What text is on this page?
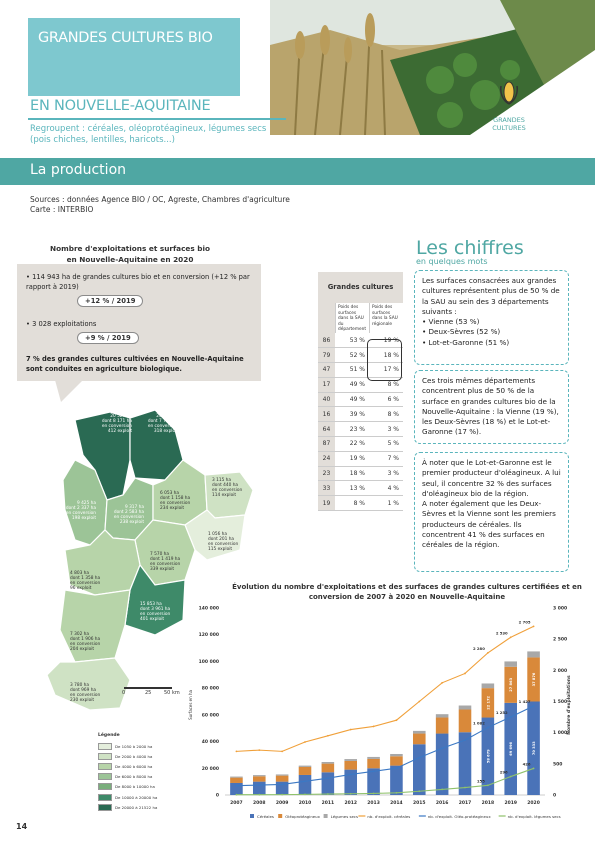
GRANDES CULTURES BIO
GRANDES
CULTURES
EN NOUVELLE-AQUITAINE
Regroupent : céréales, oléoprotéagineux, légumes secs (pois chiches, lentilles, haricots...)
La production
Sources : données Agence BIO / OC, Agreste, Chambres d'agriculture
Carte : INTERBIO
Nombre d'exploitations et surfaces bio
en Nouvelle-Aquitaine en 2020
• 114 943 ha de grandes cultures bio et en conversion (+12 % par rapport à 2019)
+12 % / 2019
• 3 028 exploitations
+9 % / 2019
7 % des grandes cultures cultivées en Nouvelle-Aquitaine sont conduites en agriculture biologique.
20 527 ha
dont 8 171 ha
en conversion
412 exploit
20 527 ha
dont 7 738 ha
en conversion
318 exploit
9 425 ha
dont 2 337 ha
en conversion
198 exploit
9 317 ha
dont 2 583 ha
en conversion
238 exploit
6 053 ha
dont 1 158 ha
en conversion
234 exploit
3 115 ha
dont 440 ha
en conversion
114 exploit
1 056 ha
dont 201 ha
en conversion
115 exploit
7 570 ha
dont 1 419 ha
en conversion
339 exploit
4 803 ha
dont 1 358 ha
en conversion
96 exploit
15 853 ha
dont 3 961 ha
en conversion
401 exploit
7 302 ha
dont 1 906 ha
en conversion
204 exploit
3 780 ha
dont 969 ha
en conversion
230 exploit
0	25	50 km
Légende
De 1050 à 2000 ha
De 2000 à 4000 ha
De 4000 à 6000 ha
De 6000 à 8000 ha
De 8000 à 10000 ha
De 10000 à 20000 ha
De 20000 à 21522 ha
Grandes cultures
Poids des surfaces dans la SAU du département
Poids des surfaces dans la SAU régionale
86	53 %	19 %
79	52 %	18 %
47	51 %	17 %
17	49 %	8 %
40	49 %	6 %
16	39 %	8 %
64	23 %	3 %
87	22 %	5 %
24	19 %	7 %
23	18 %	3 %
33	13 %	4 %
19	8 %	1 %
Les chiffres
en quelques mots
Les surfaces consacrées aux grandes cultures représentent plus de 50 % de la SAU au sein des 3 départements suivants :
• Vienne (53 %)
• Deux-Sèvres (52 %)
• Lot-et-Garonne (51 %)
Ces trois mêmes départements concentrent plus de 50 % de la surface en grandes cultures bio de la Nouvelle-Aquitaine : la Vienne (19 %), les Deux-Sèvres (18 %) et le Lot-et-Garonne (17 %).
À noter que le Lot-et-Garonne est le premier producteur d'oléagineux. A lui seul, il concentre 32 % des surfaces d'oléagineux bio de la région.
A noter également que les Deux-Sèvres et la Vienne sont les premiers producteurs de céréales. Ils concentrent 41 % des surfaces en céréales de la région.
Évolution du nombre d'exploitations et des surfaces de grandes cultures certifiées et en conversion de 2007 à 2020 en Nouvelle-Aquitaine
0
20 000
40 000
60 000
80 000
100 000
120 000
140 000
0
500
1 000
1 500
2 000
2 500
3 000
Surfaces en ha	Nombre d'exploitations
2007 2008 2009 2010 2011 2012 2013 2014 2015 2016 2017 2018 2019 2020
58 679
22 172
69 696
27 863
70 333
37 876
2 280
2 530
2 705
1 082
1 252
1 427
155
296
426
Céréales	Oléoprotéagineux	Légumes secs nb. d'exploit. céréales	nb. d'exploit. Oléo-protéagineux	nb. d'exploit. légumes secs
14
